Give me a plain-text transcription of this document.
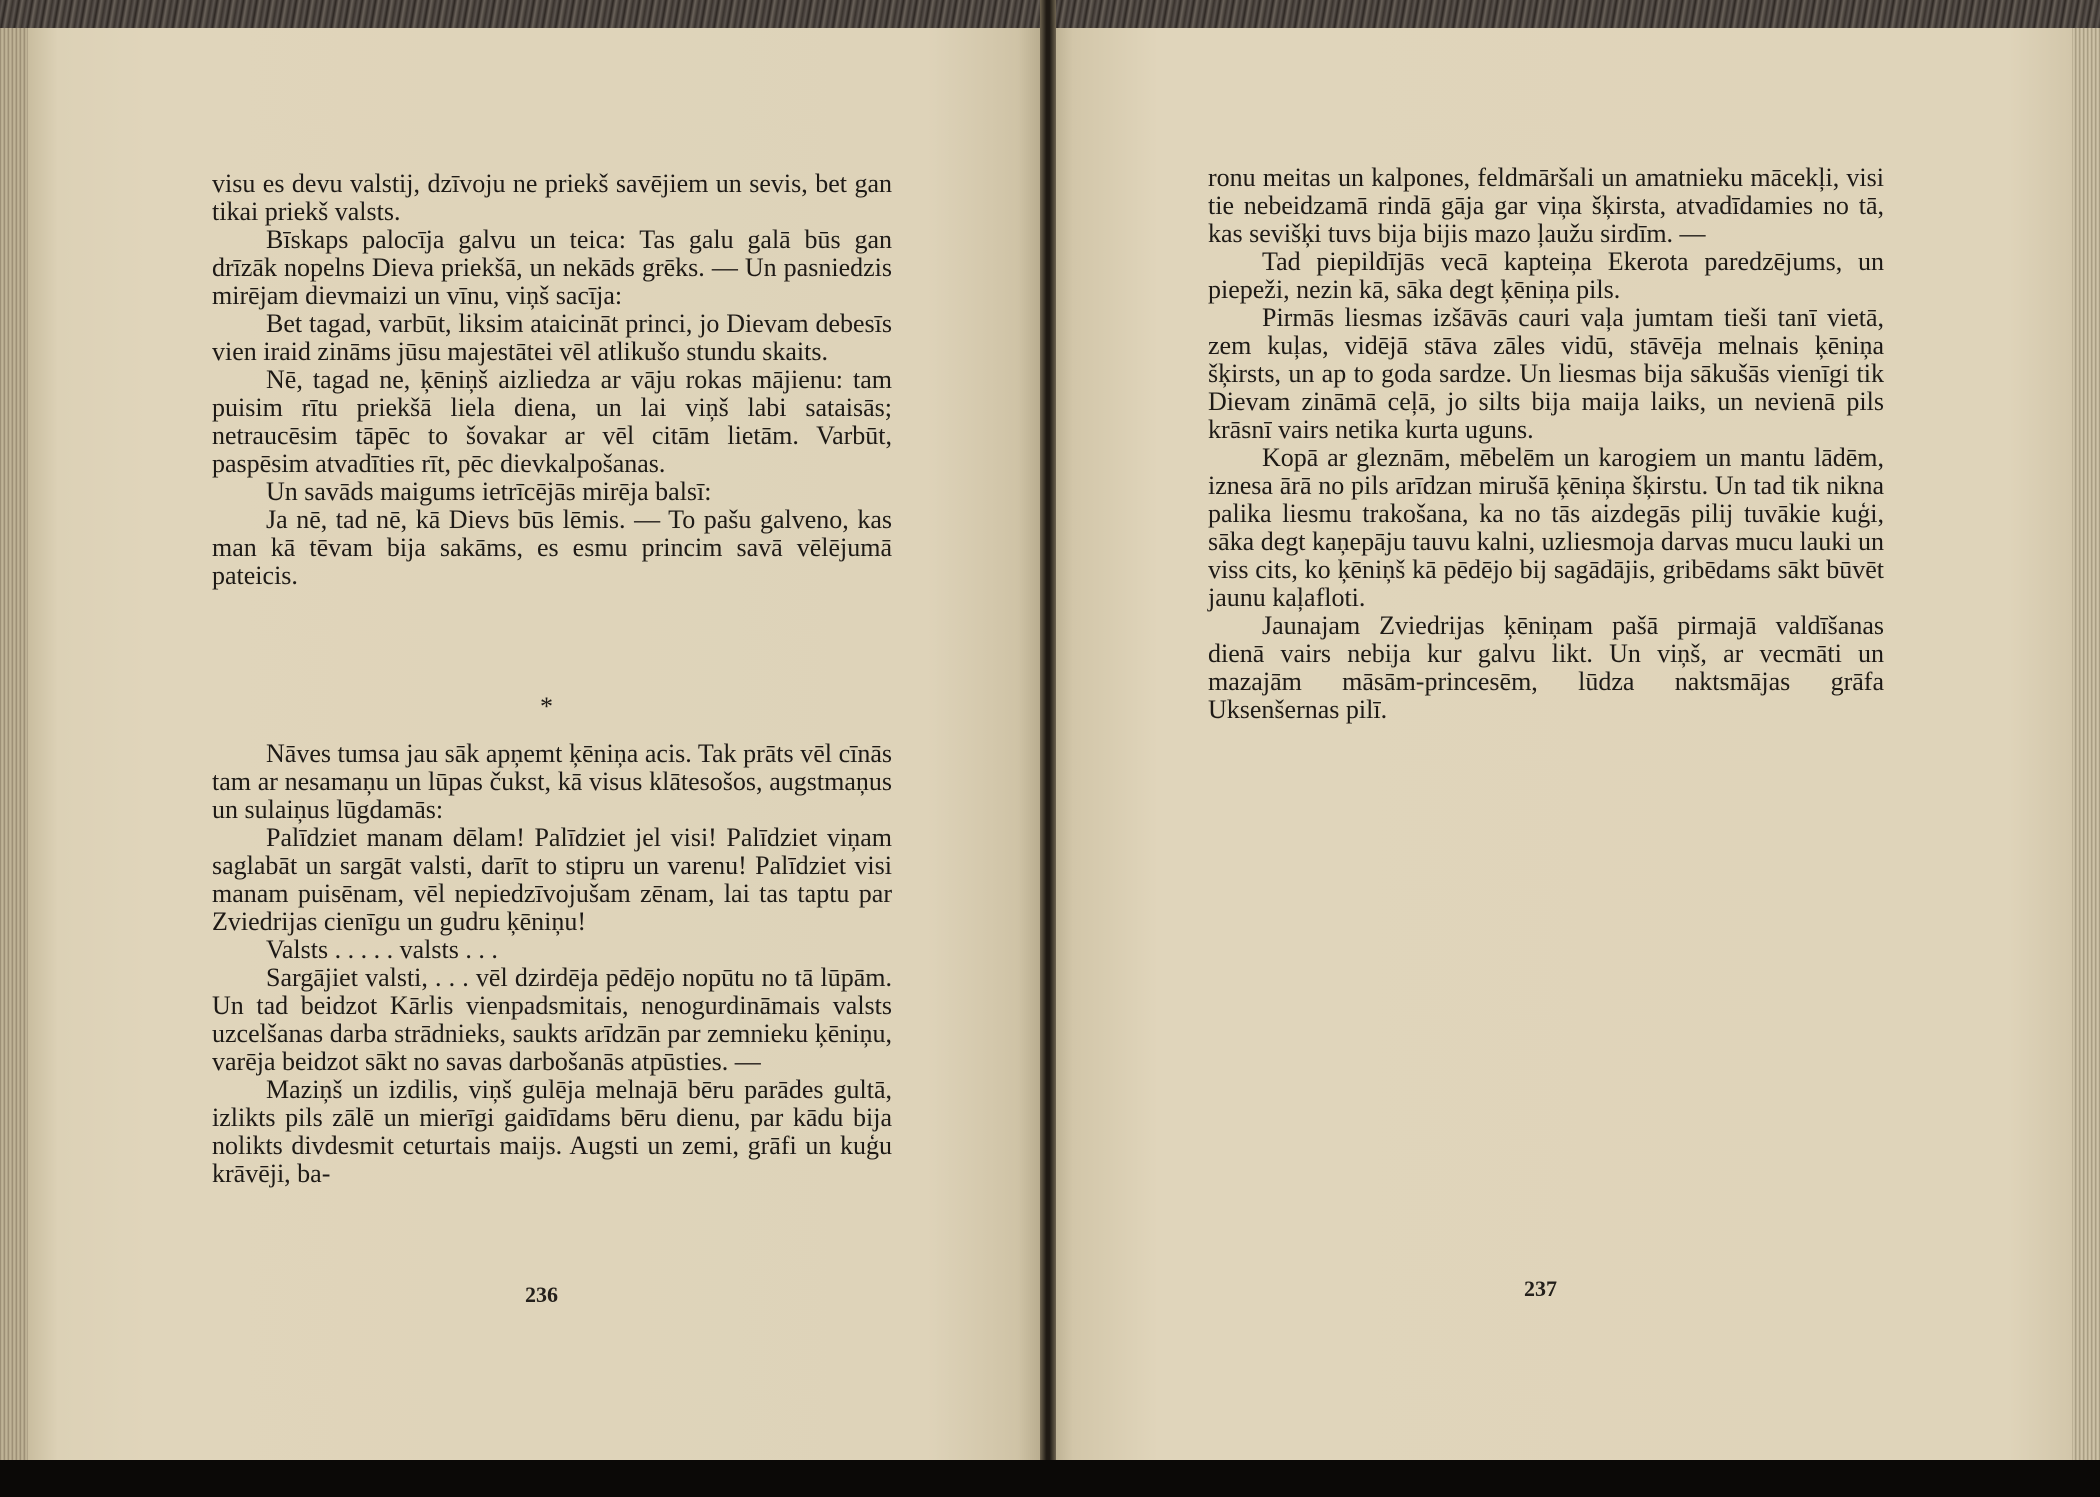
visu es devu valstij, dzīvoju ne priekš savējiem un sevis, bet gan tikai priekš valsts.

Bīskaps palocīja galvu un teica: Tas galu galā būs gan drīzāk nopelns Dieva priekšā, un nekāds grēks. — Un pasniedzis mirējam dievmaizi un vīnu, viņš sacīja:

Bet tagad, varbūt, liksim ataicināt princi, jo Dievam debesīs vien iraid zināms jūsu majestātei vēl atlikušo stundu skaits.

Nē, tagad ne, ķēniņš aizliedza ar vāju rokas mājienu: tam puisim rītu priekšā liela diena, un lai viņš labi sataisās; netraucēsim tāpēc to šovakar ar vēl citām lietām. Varbūt, paspēsim atvadīties rīt, pēc dievkalpošanas.

Un savāds maigums ietrīcējās mirēja balsī:

Ja nē, tad nē, kā Dievs būs lēmis. — To pašu galveno, kas man kā tēvam bija sakāms, es esmu princim savā vēlējumā pateicis.

*

Nāves tumsa jau sāk apņemt ķēniņa acis. Tak prāts vēl cīnās tam ar nesamaņu un lūpas čukst, kā visus klātesošos, augstmaņus un sulaiņus lūgdamās:

Palīdziet manam dēlam! Palīdziet jel visi! Palīdziet viņam saglabāt un sargāt valsti, darīt to stipru un varenu! Palīdziet visi manam puisēnam, vēl nepiedzīvojušam zēnam, lai tas taptu par Zviedrijas cienīgu un gudru ķēniņu!

Valsts . . . . . valsts . . .

Sargājiet valsti, . . . vēl dzirdēja pēdējo nopūtu no tā lūpām. Un tad beidzot Kārlis vienpadsmitais, nenogurdināmais valsts uzcelšanas darba strādnieks, saukts arīdzān par zemnieku ķēniņu, varēja beidzot sākt no savas darbošanās atpūsties. —

Maziņš un izdilis, viņš gulēja melnajā bēru parādes gultā, izlikts pils zālē un mierīgi gaidīdams bēru dienu, par kādu bija nolikts divdesmit ceturtais maijs. Augsti un zemi, grāfi un kuģu krāvēji, ba-

236

ronu meitas un kalpones, feldmāršali un amatnieku mācekļi, visi tie nebeidzamā rindā gāja gar viņa šķirsta, atvadīdamies no tā, kas sevišķi tuvs bija bijis mazo ļaužu sirdīm. —

Tad piepildījās vecā kapteiņa Ekerota paredzējums, un piepeži, nezin kā, sāka degt ķēniņa pils.

Pirmās liesmas izšāvās cauri vaļa jumtam tieši tanī vietā, zem kuļas, vidējā stāva zāles vidū, stāvēja melnais ķēniņa šķirsts, un ap to goda sardze. Un liesmas bija sākušās vienīgi tik Dievam zināmā ceļā, jo silts bija maija laiks, un nevienā pils krāsnī vairs netika kurta uguns.

Kopā ar gleznām, mēbelēm un karogiem un mantu lādēm, iznesa ārā no pils arīdzan mirušā ķēniņa šķirstu. Un tad tik nikna palika liesmu trakošana, ka no tās aizdegās pilij tuvākie kuģi, sāka degt kaņepāju tauvu kalni, uzliesmoja darvas mucu lauki un viss cits, ko ķēniņš kā pēdējo bij sagādājis, gribēdams sākt būvēt jaunu kaļafloti.

Jaunajam Zviedrijas ķēniņam pašā pirmajā valdīšanas dienā vairs nebija kur galvu likt. Un viņš, ar vecmāti un mazajām māsām-princesēm, lūdza naktsmājas grāfa Uksenšernas pilī.

237
